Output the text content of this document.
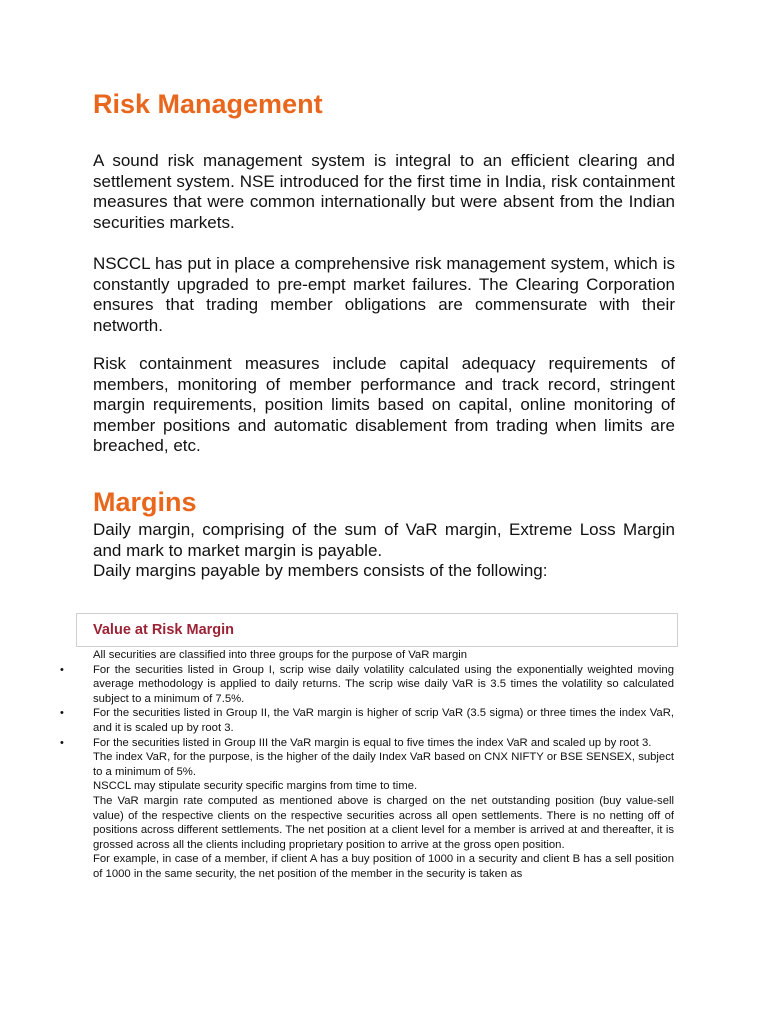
Risk Management

A sound risk management system is integral to an efficient clearing and settlement system. NSE introduced for the first time in India, risk containment measures that were common internationally but were absent from the Indian securities markets.

NSCCL has put in place a comprehensive risk management system, which is constantly upgraded to pre-empt market failures. The Clearing Corporation ensures that trading member obligations are commensurate with their networth.

Risk containment measures include capital adequacy requirements of members, monitoring of member performance and track record, stringent margin requirements, position limits based on capital, online monitoring of member positions and automatic disablement from trading when limits are breached, etc.

Margins

Daily margin, comprising of the sum of VaR margin, Extreme Loss Margin and mark to market margin is payable.

Daily margins payable by members consists of the following:

Value at Risk Margin

All securities are classified into three groups for the purpose of VaR margin

•	For the securities listed in Group I, scrip wise daily volatility calculated using the exponentially weighted moving average methodology is applied to daily returns. The scrip wise daily VaR is 3.5 times the volatility so calculated subject to a minimum of 7.5%.
•	For the securities listed in Group II, the VaR margin is higher of scrip VaR (3.5 sigma) or three times the index VaR, and it is scaled up by root 3.
•	For the securities listed in Group III the VaR margin is equal to five times the index VaR and scaled up by root 3.

The index VaR, for the purpose, is the higher of the daily Index VaR based on CNX NIFTY or BSE SENSEX, subject to a minimum of 5%.

NSCCL may stipulate security specific margins from time to time.

The VaR margin rate computed as mentioned above is charged on the net outstanding position (buy value-sell value) of the respective clients on the respective securities across all open settlements. There is no netting off of positions across different settlements. The net position at a client level for a member is arrived at and thereafter, it is grossed across all the clients including proprietary position to arrive at the gross open position.

For example, in case of a member, if client A has a buy position of 1000 in a security and client B has a sell position of 1000 in the same security, the net position of the member in the security is taken as
